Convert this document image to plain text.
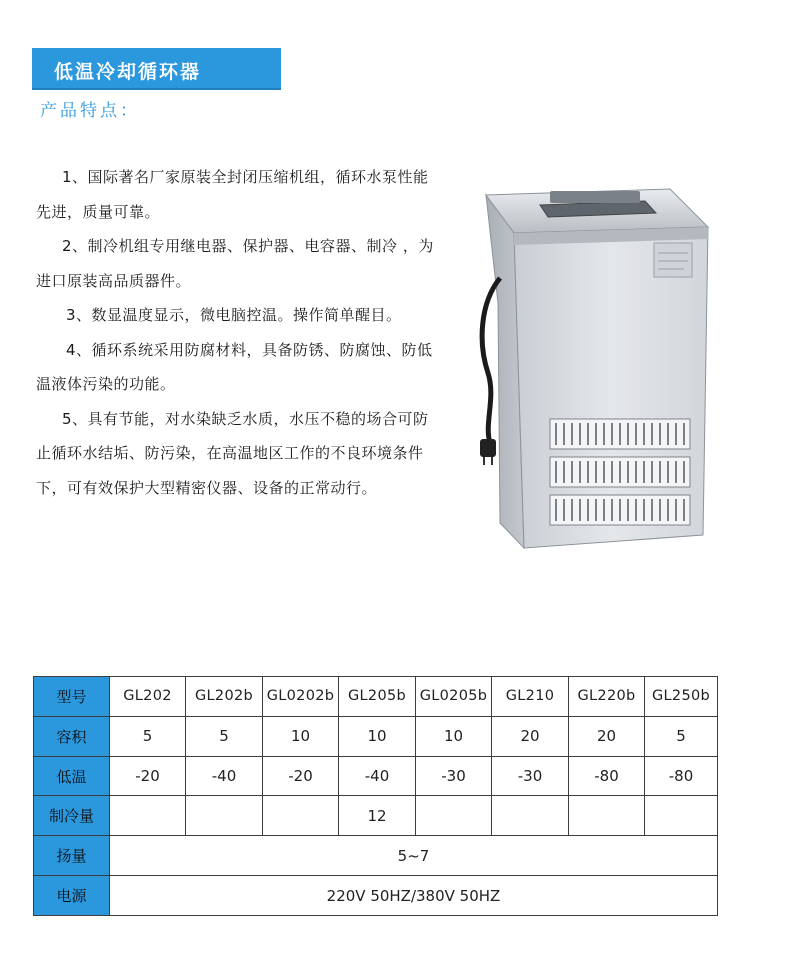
低温冷却循环器
产品特点：

1、国际著名厂家原装全封闭压缩机组，循环水泵性能先进，质量可靠。

2、制冷机组专用继电器、保护器、电容器、制冷 ，为进口原装高品质器件。

3、数显温度显示，微电脑控温。操作简单醒目。

4、循环系统采用防腐材料，具备防锈、防腐蚀、防低温液体污染的功能。

5、具有节能，对水染缺乏水质，水压不稳的场合可防止循环水结垢、防污染，在高温地区工作的不良环境条件下，可有效保护大型精密仪器、设备的正常动行。

型号	GL202	GL202b	GL0202b	GL205b	GL0205b	GL210	GL220b	GL250b
容积	5	5	10	10	10	20	20	5
低温	-20	-40	-20	-40	-30	-30	-80	-80
制冷量				12				
扬量	5~7							
电源	220V 50HZ/380V 50HZ							
